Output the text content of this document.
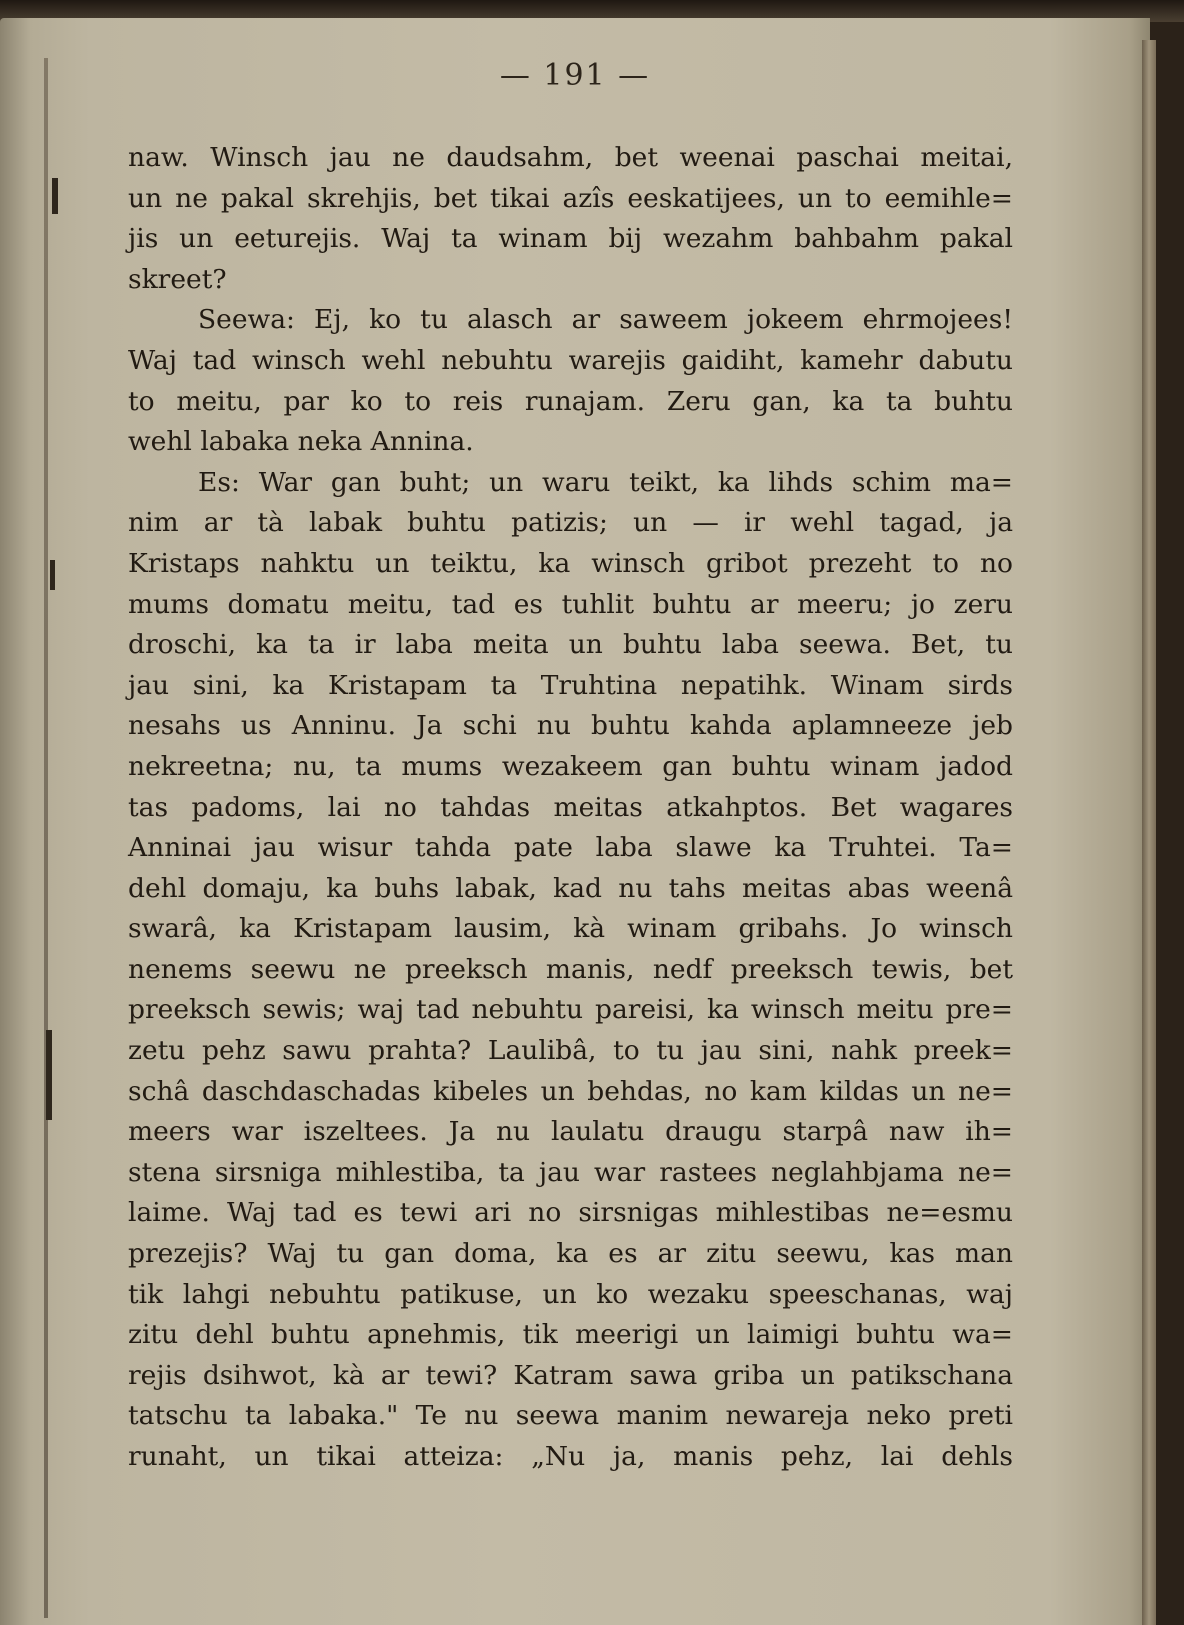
— 191 —
naw. Winsch jau ne daudsahm, bet weenai paschai meitai,
un ne pakal skrehjis, bet tikai azîs eeskatijees, un to eemihle=
jis un eeturejis. Waj ta winam bij wezahm bahbahm pakal
skreet?
Seewa: Ej, ko tu alasch ar saweem jokeem ehrmojees!
Waj tad winsch wehl nebuhtu warejis gaidiht, kamehr dabutu
to meitu, par ko to reis runajam. Zeru gan, ka ta buhtu
wehl labaka neka Annina.
Es: War gan buht; un waru teikt, ka lihds schim ma=
nim ar tà labak buhtu patizis; un — ir wehl tagad, ja
Kristaps nahktu un teiktu, ka winsch gribot prezeht to no
mums domatu meitu, tad es tuhlit buhtu ar meeru; jo zeru
droschi, ka ta ir laba meita un buhtu laba seewa. Bet, tu
jau sini, ka Kristapam ta Truhtina nepatihk. Winam sirds
nesahs us Anninu. Ja schi nu buhtu kahda aplamneeze jeb
nekreetna; nu, ta mums wezakeem gan buhtu winam jadod
tas padoms, lai no tahdas meitas atkahptos. Bet wagares
Anninai jau wisur tahda pate laba slawe ka Truhtei. Ta=
dehl domaju, ka buhs labak, kad nu tahs meitas abas weenâ
swarâ, ka Kristapam lausim, kà winam gribahs. Jo winsch
nenems seewu ne preeksch manis, nedf preeksch tewis, bet
preeksch sewis; waj tad nebuhtu pareisi, ka winsch meitu pre=
zetu pehz sawu prahta? Laulibâ, to tu jau sini, nahk preek=
schâ daschdaschadas kibeles un behdas, no kam kildas un ne=
meers war iszeltees. Ja nu laulatu draugu starpâ naw ih=
stena sirsniga mihlestiba, ta jau war rastees neglahbjama ne=
laime. Waj tad es tewi ari no sirsnigas mihlestibas ne=esmu
prezejis? Waj tu gan doma, ka es ar zitu seewu, kas man
tik lahgi nebuhtu patikuse, un ko wezaku speeschanas, waj
zitu dehl buhtu apnehmis, tik meerigi un laimigi buhtu wa=
rejis dsihwot, kà ar tewi? Katram sawa griba un patikschana
tatschu ta labaka." Te nu seewa manim newareja neko preti
runaht, un tikai atteiza: „Nu ja, manis pehz, lai dehls
